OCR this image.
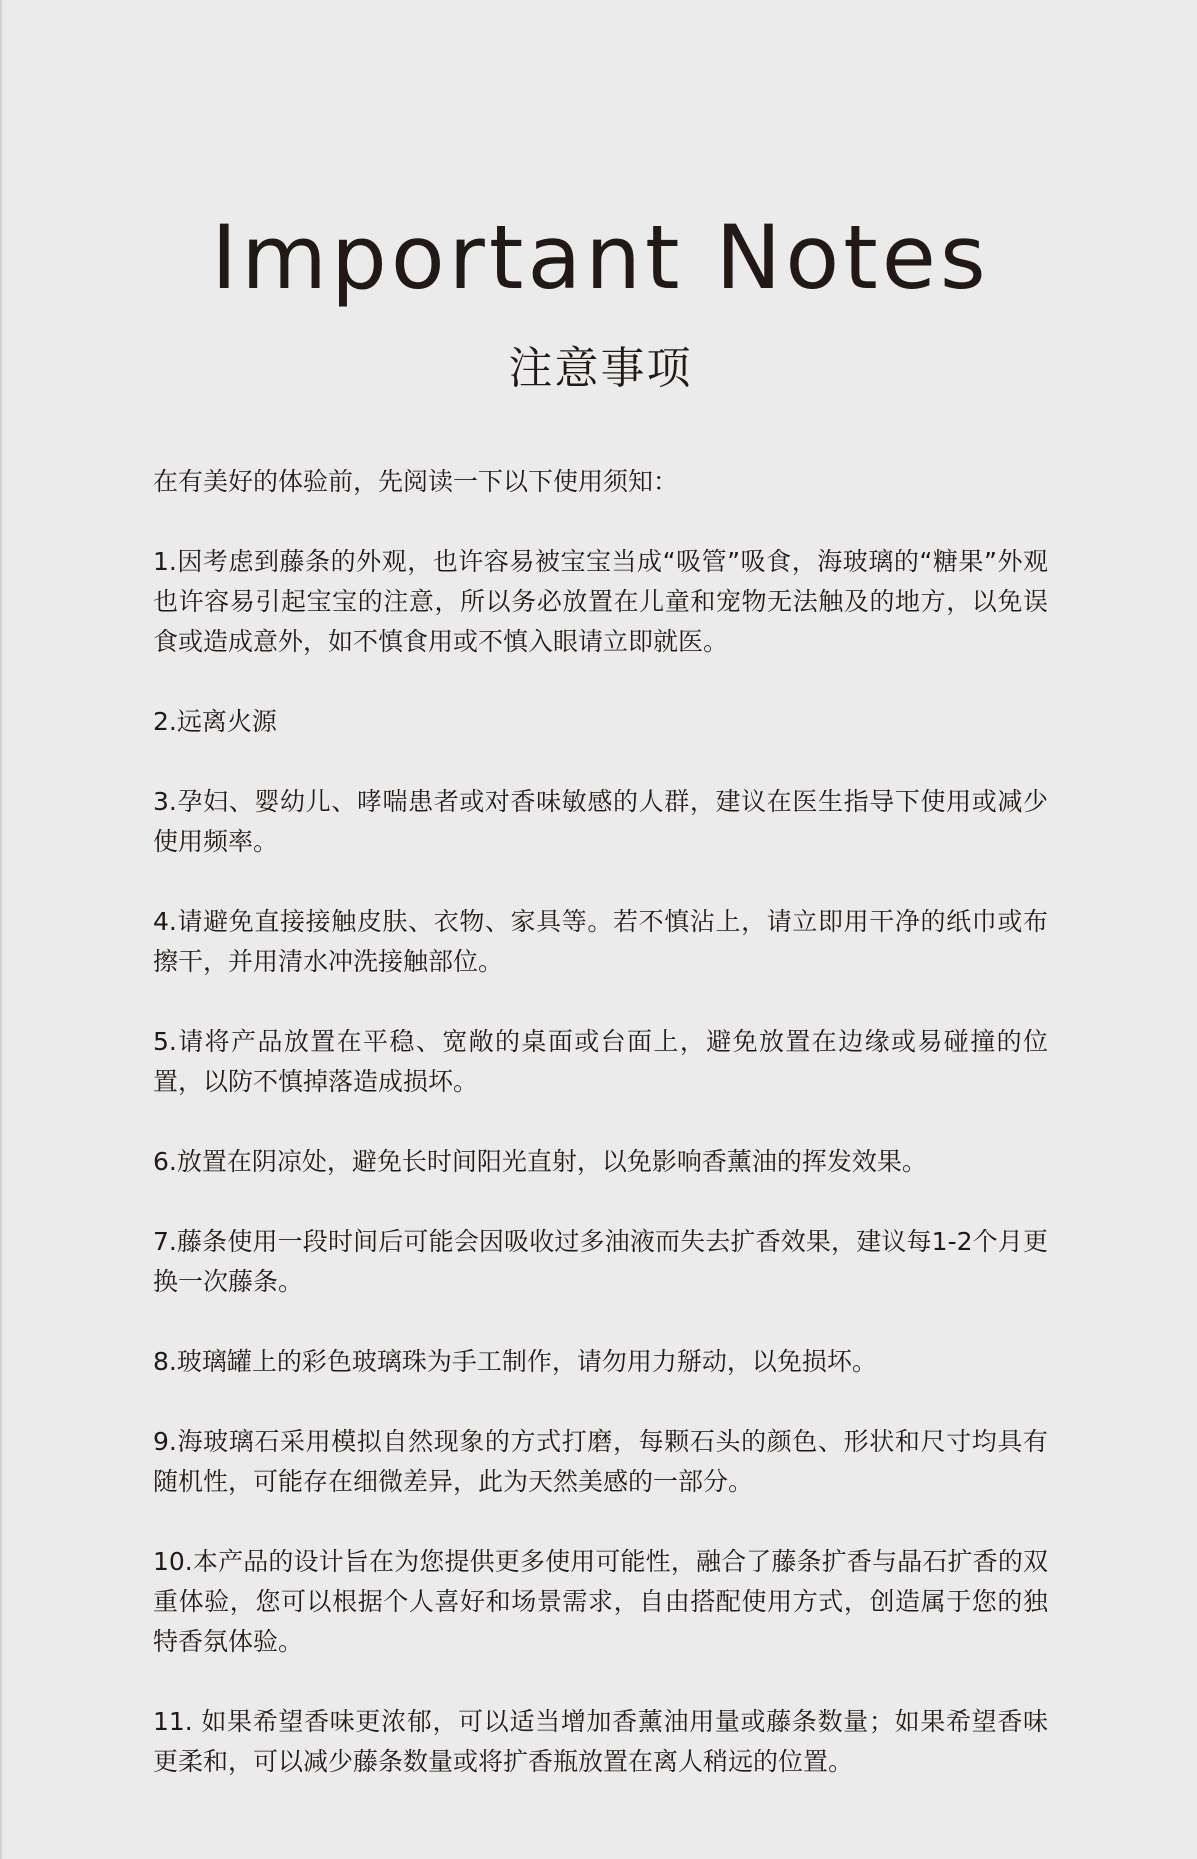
Important Notes
注意事项

在有美好的体验前，先阅读一下以下使用须知：

1.因考虑到藤条的外观，也许容易被宝宝当成“吸管”吸食，海玻璃的“糖果”外观也许容易引起宝宝的注意，所以务必放置在儿童和宠物无法触及的地方，以免误食或造成意外，如不慎食用或不慎入眼请立即就医。

2.远离火源

3.孕妇、婴幼儿、哮喘患者或对香味敏感的人群，建议在医生指导下使用或减少使用频率。

4.请避免直接接触皮肤、衣物、家具等。若不慎沾上，请立即用干净的纸巾或布擦干，并用清水冲洗接触部位。

5.请将产品放置在平稳、宽敞的桌面或台面上，避免放置在边缘或易碰撞的位置，以防不慎掉落造成损坏。

6.放置在阴凉处，避免长时间阳光直射，以免影响香薰油的挥发效果。

7.藤条使用一段时间后可能会因吸收过多油液而失去扩香效果，建议每1-2个月更换一次藤条。

8.玻璃罐上的彩色玻璃珠为手工制作，请勿用力掰动，以免损坏。

9.海玻璃石采用模拟自然现象的方式打磨，每颗石头的颜色、形状和尺寸均具有随机性，可能存在细微差异，此为天然美感的一部分。

10.本产品的设计旨在为您提供更多使用可能性，融合了藤条扩香与晶石扩香的双重体验，您可以根据个人喜好和场景需求，自由搭配使用方式，创造属于您的独特香氛体验。

11. 如果希望香味更浓郁，可以适当增加香薰油用量或藤条数量；如果希望香味更柔和，可以减少藤条数量或将扩香瓶放置在离人稍远的位置。
